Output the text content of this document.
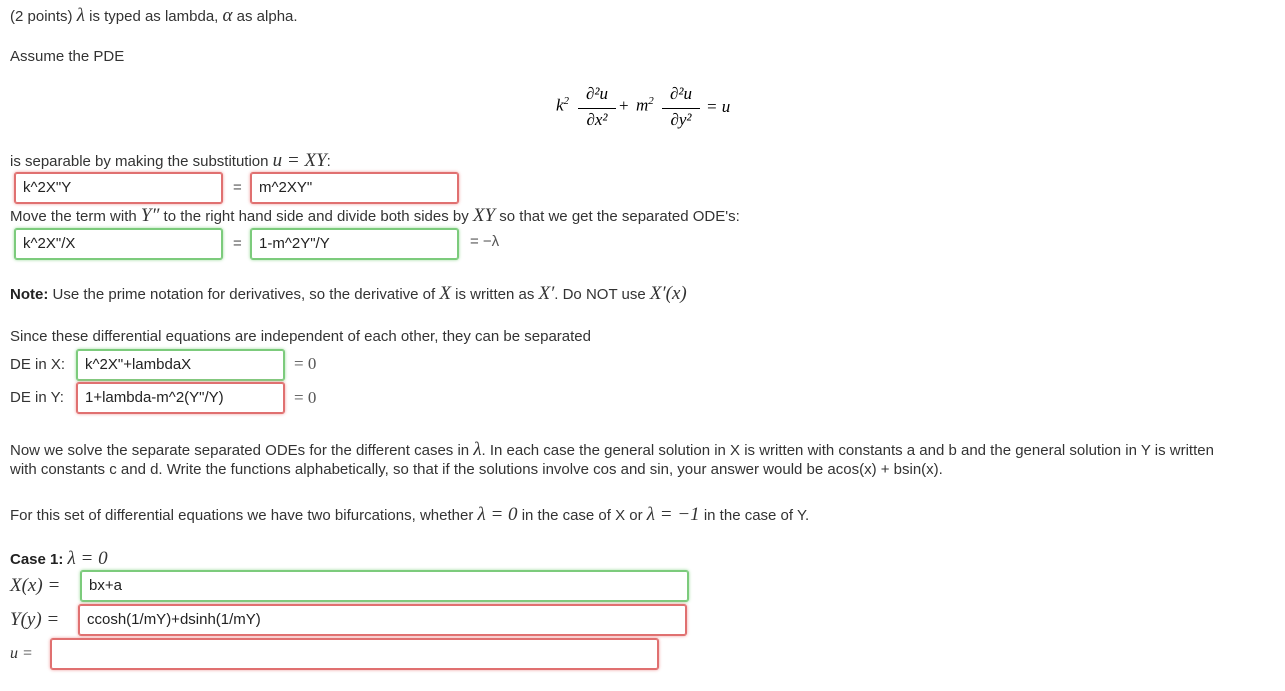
(2 points) λ is typed as lambda, α as alpha.
Assume the PDE
$k^2$ ∂²u
∂x²
+ $m^2$ ∂²u
∂y²
= u
is separable by making the substitution u = XY:
k^2X"Y	=	m^2XY"
Move the term with Y″ to the right hand side and divide both sides by XY so that we get the separated ODE's:
k^2X"/X	=	1-m^2Y"/Y	= −λ
Note: Use the prime notation for derivatives, so the derivative of X is written as X′. Do NOT use X′(x)
Since these differential equations are independent of each other, they can be separated
DE in X:	k^2X"+lambdaX	= 0
DE in Y:	1+lambda-m^2(Y"/Y)	= 0
Now we solve the separate separated ODEs for the different cases in λ. In each case the general solution in X is written with constants a and b and the general solution in Y is written
with constants c and d. Write the functions alphabetically, so that if the solutions involve cos and sin, your answer would be acos(x) + bsin(x).
For this set of differential equations we have two bifurcations, whether λ = 0 in the case of X or λ = −1 in the case of Y.
Case 1: λ = 0
X(x) =	bx+a
Y(y) =	ccosh(1/mY)+dsinh(1/mY)
u =
